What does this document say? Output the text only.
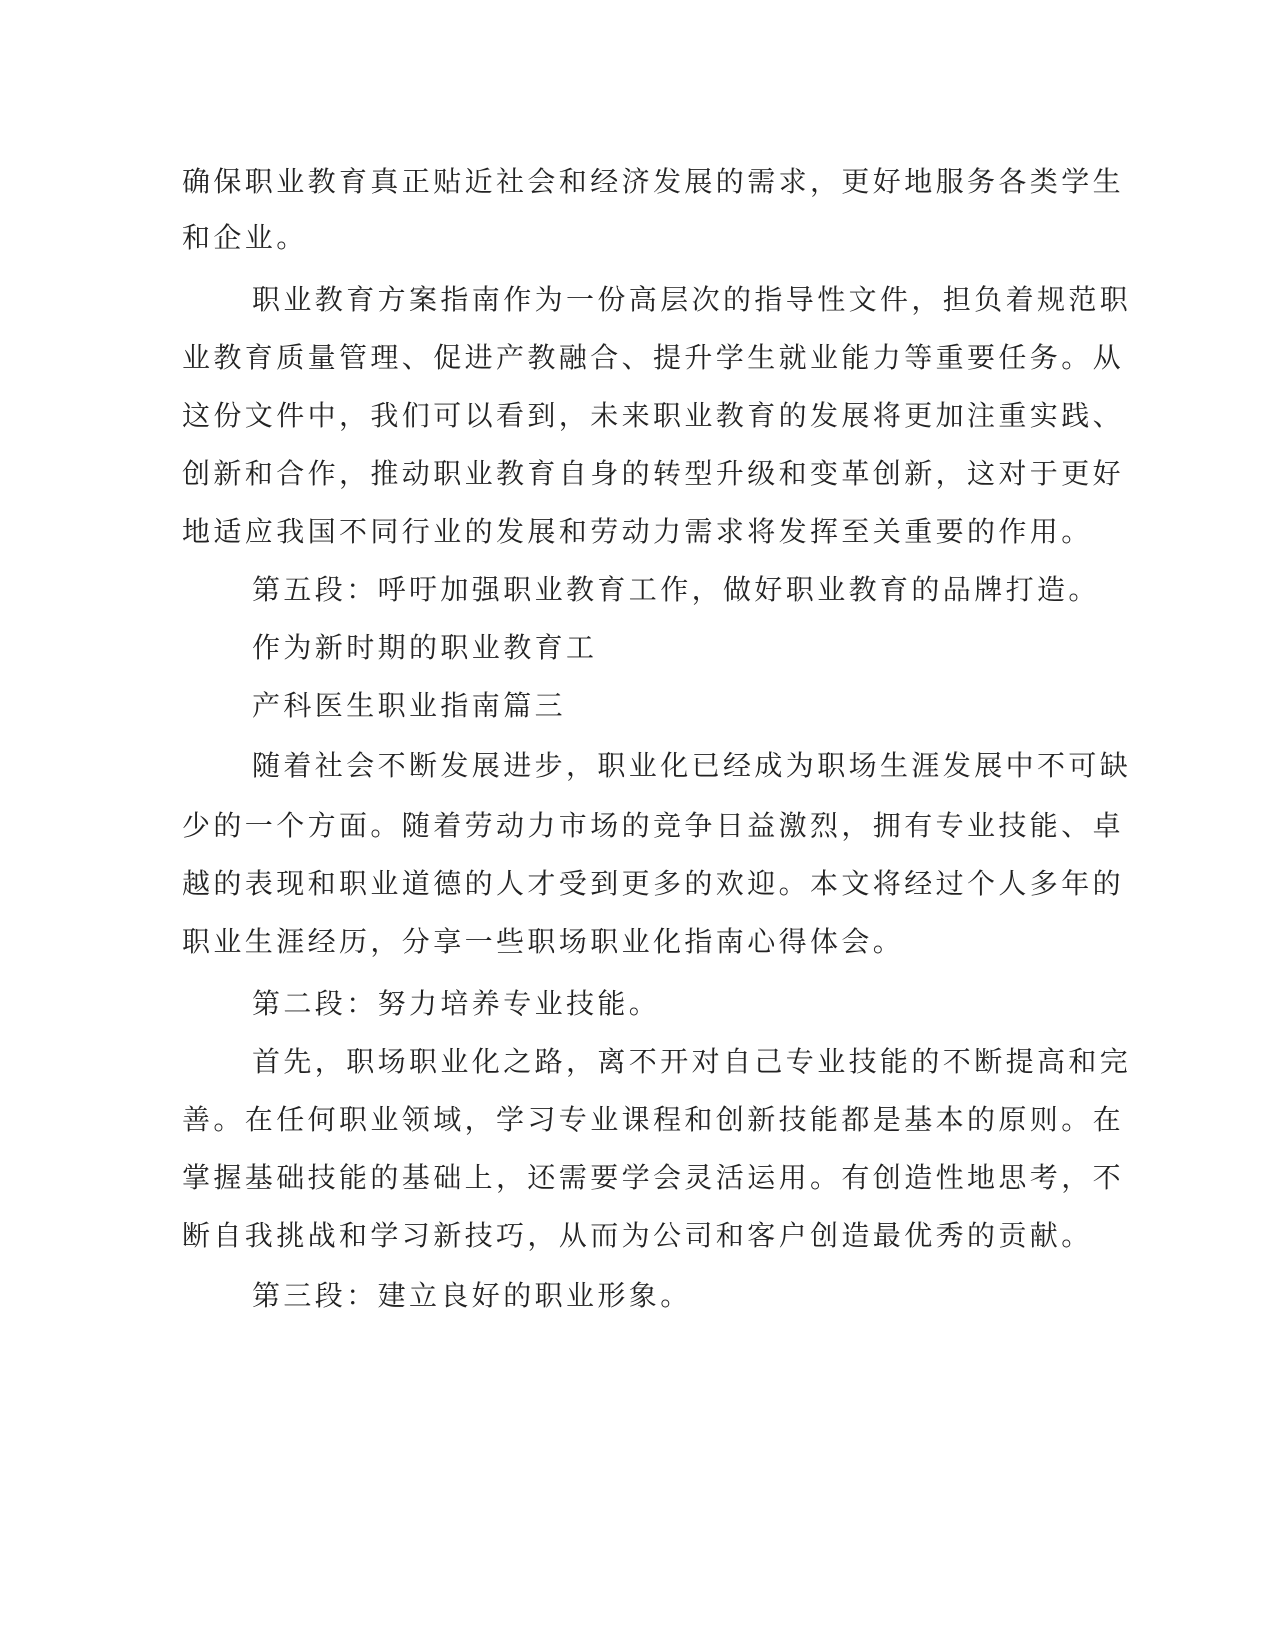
确保职业教育真正贴近社会和经济发展的需求，更好地服务各类学生
和企业。
职业教育方案指南作为一份高层次的指导性文件，担负着规范职
业教育质量管理、促进产教融合、提升学生就业能力等重要任务。从
这份文件中，我们可以看到，未来职业教育的发展将更加注重实践、
创新和合作，推动职业教育自身的转型升级和变革创新，这对于更好
地适应我国不同行业的发展和劳动力需求将发挥至关重要的作用。
第五段：呼吁加强职业教育工作，做好职业教育的品牌打造。
作为新时期的职业教育工
产科医生职业指南篇三
随着社会不断发展进步，职业化已经成为职场生涯发展中不可缺
少的一个方面。随着劳动力市场的竞争日益激烈，拥有专业技能、卓
越的表现和职业道德的人才受到更多的欢迎。本文将经过个人多年的
职业生涯经历，分享一些职场职业化指南心得体会。
第二段：努力培养专业技能。
首先，职场职业化之路，离不开对自己专业技能的不断提高和完
善。在任何职业领域，学习专业课程和创新技能都是基本的原则。在
掌握基础技能的基础上，还需要学会灵活运用。有创造性地思考，不
断自我挑战和学习新技巧，从而为公司和客户创造最优秀的贡献。
第三段：建立良好的职业形象。
